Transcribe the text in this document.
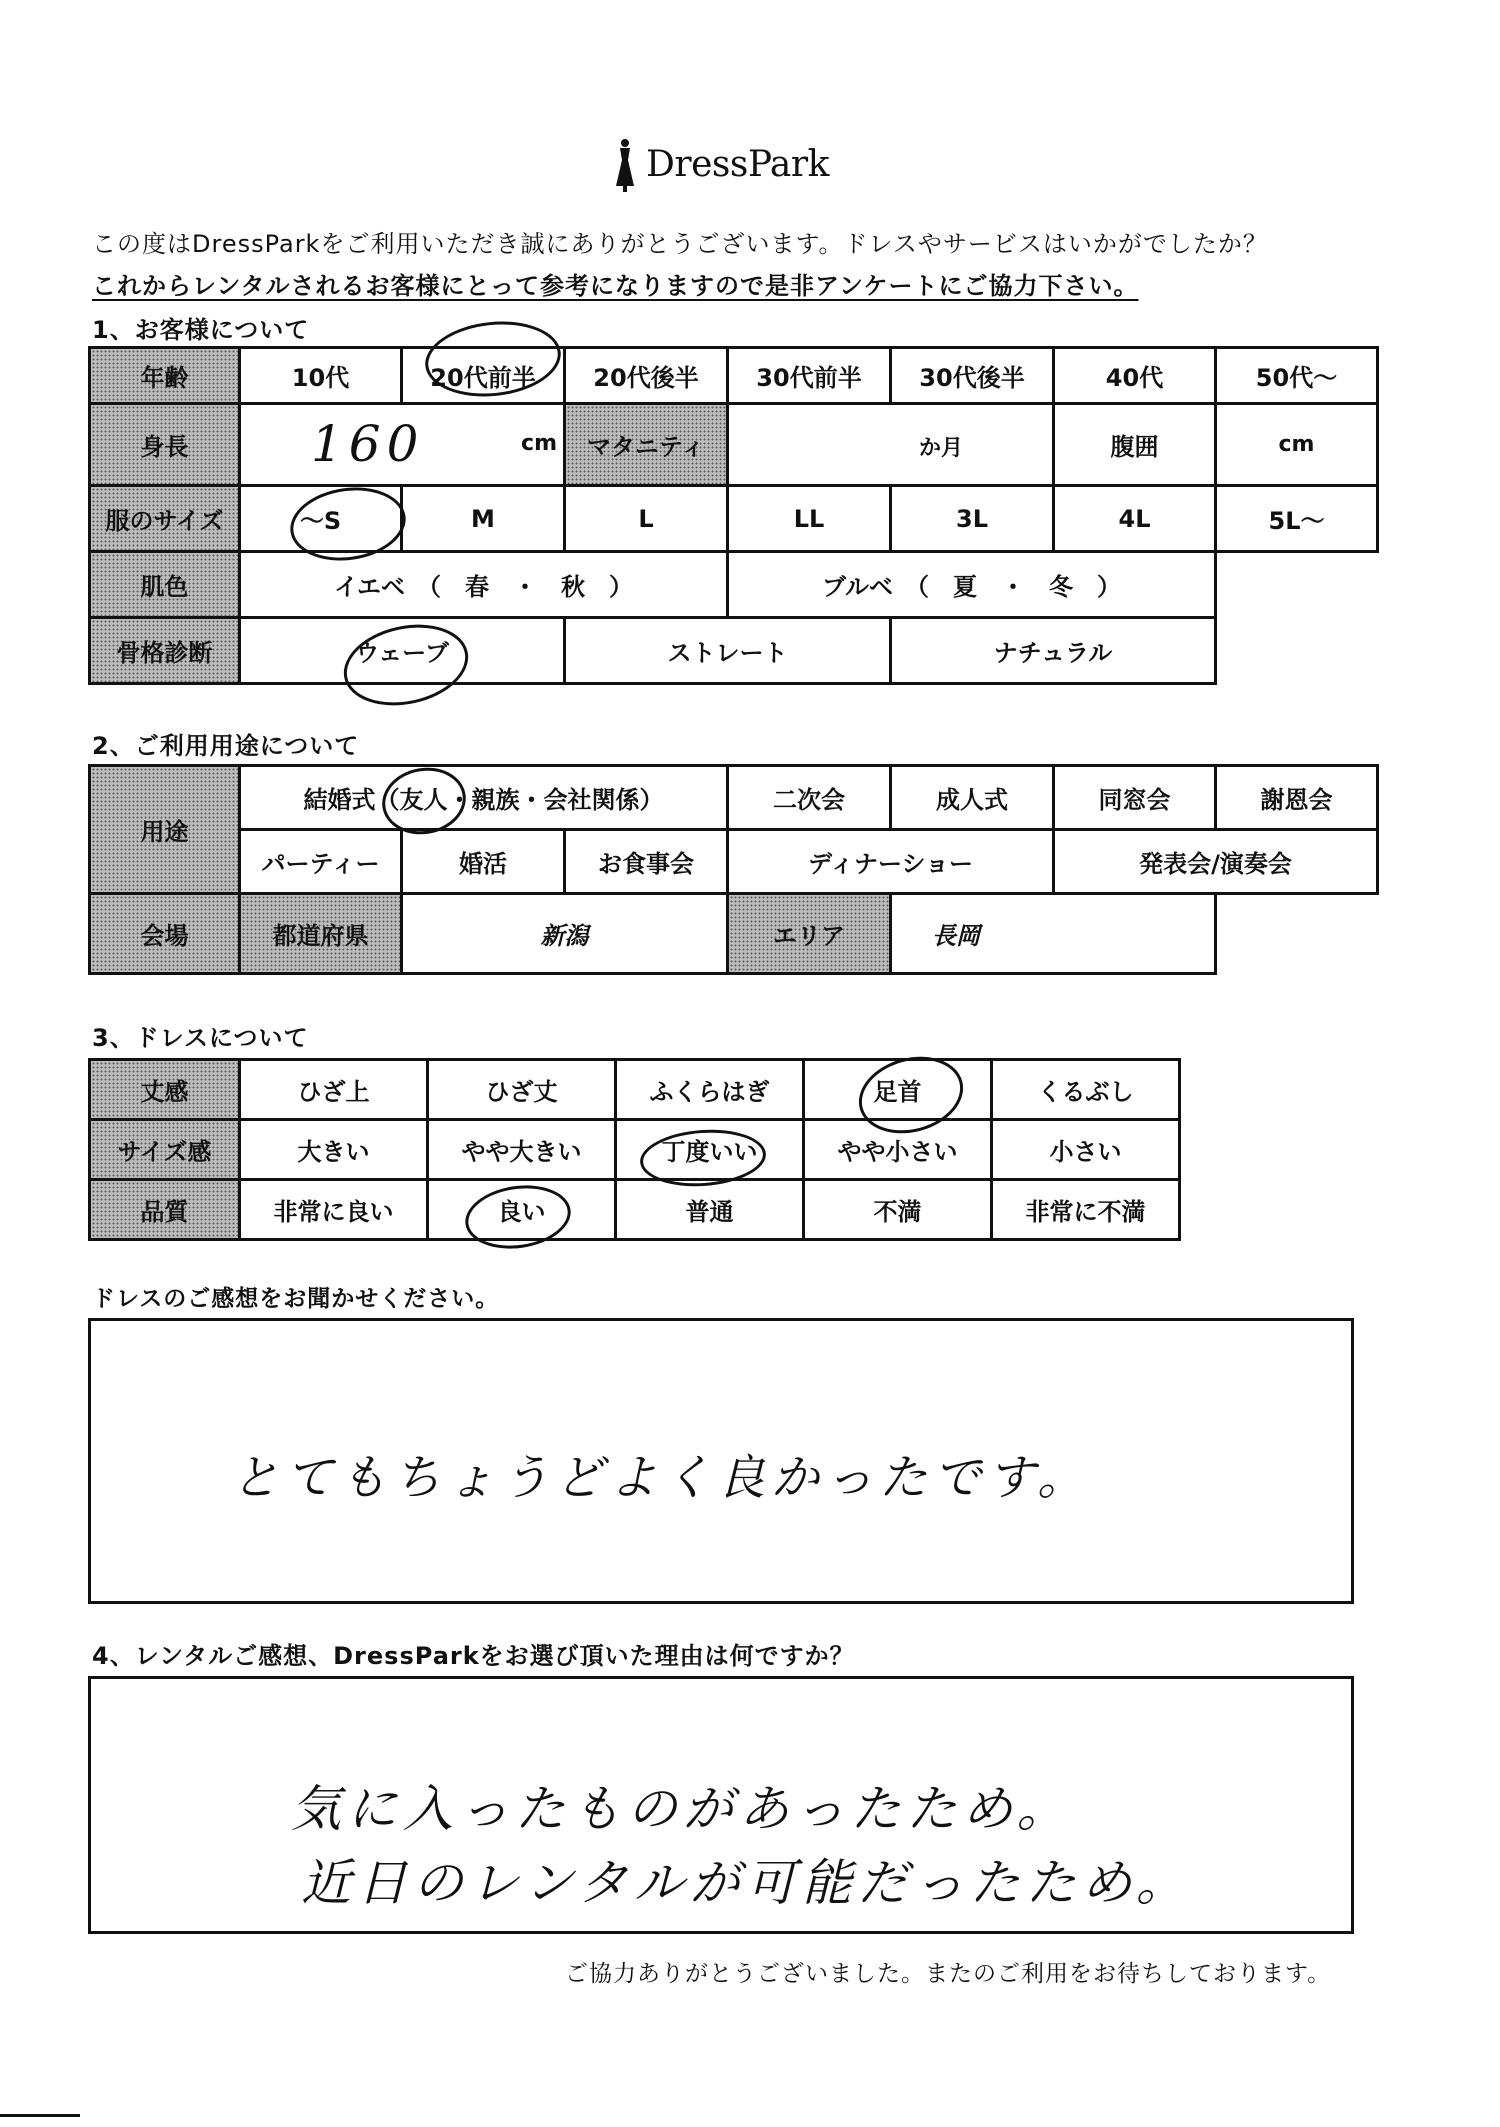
DressPark
この度はDressParkをご利用いただき誠にありがとうございます。ドレスやサービスはいかがでしたか？
これからレンタルされるお客様にとって参考になりますので是非アンケートにご協力下さい。
1、お客様について
年齢	10代	20代前半	20代後半	30代前半	30代後半	40代	50代～
身長	160 cm		マタニティ	か月		腹囲	cm
服のサイズ	～S	M	L	LL	3L	4L	5L～
肌色	イエベ　（　春　・　秋　）			ブルベ　（　夏　・　冬　）			
骨格診断	ウェーブ		ストレート		ナチュラル		
2、ご利用用途について
用途	結婚式（友人・親族・会社関係）			二次会	成人式	同窓会	謝恩会
	パーティー	婚活	お食事会	ディナーショー		発表会/演奏会	
会場	都道府県	新潟		エリア	長岡		
3、ドレスについて
丈感	ひざ上	ひざ丈	ふくらはぎ	足首	くるぶし
サイズ感	大きい	やや大きい	丁度いい	やや小さい	小さい
品質	非常に良い	良い	普通	不満	非常に不満
ドレスのご感想をお聞かせください。
とてもちょうどよく良かったです。
4、レンタルご感想、DressParkをお選び頂いた理由は何ですか？
気に入ったものがあったため。
近日のレンタルが可能だったため。
ご協力ありがとうございました。またのご利用をお待ちしております。
